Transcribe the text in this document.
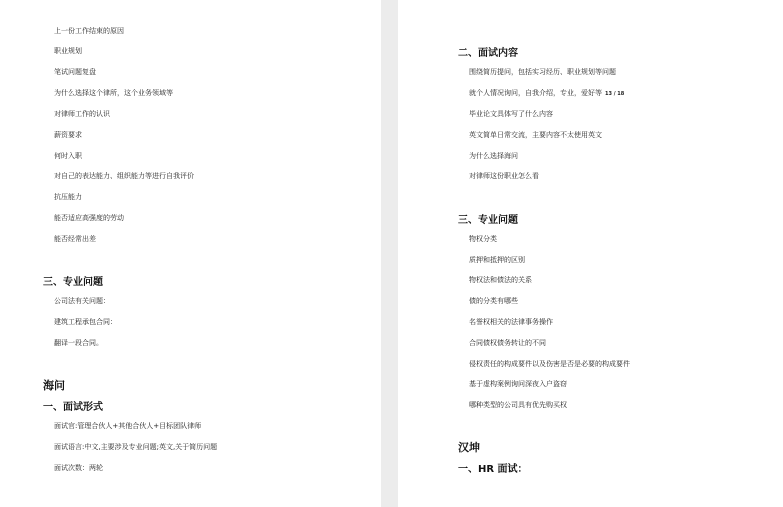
上一份工作结束的原因
职业规划
笔试问题复盘
为什么选择这个律所，这个业务领域等
对律师工作的认识
薪资要求
何时入职
对自己的表达能力、组织能力等进行自我评价
抗压能力
能否适应高强度的劳动
能否经常出差
三、专业问题
公司法有关问题：
建筑工程承包合同：
翻译一段合同。
海问
一、面试形式
面试官:管理合伙人+其他合伙人+目标团队律师
面试语言:中文,主要涉及专业问题;英文,关于简历问题
面试次数：两轮
二、面试内容
围绕简历提问，包括实习经历、职业规划等问题
就个人情况询问，自我介绍，专业，爱好等 13 / 18
毕业论文具体写了什么内容
英文简单日常交流，主要内容不太使用英文
为什么选择海问
对律师这份职业怎么看
三、专业问题
物权分类
质押和抵押的区别
物权法和债法的关系
债的分类有哪些
名誉权相关的法律事务操作
合同债权债务转让的不同
侵权责任的构成要件以及伤害是否是必要的构成要件
基于虚构案例询问深夜入户盗窃
哪种类型的公司具有优先购买权
汉坤
一、HR 面试：
